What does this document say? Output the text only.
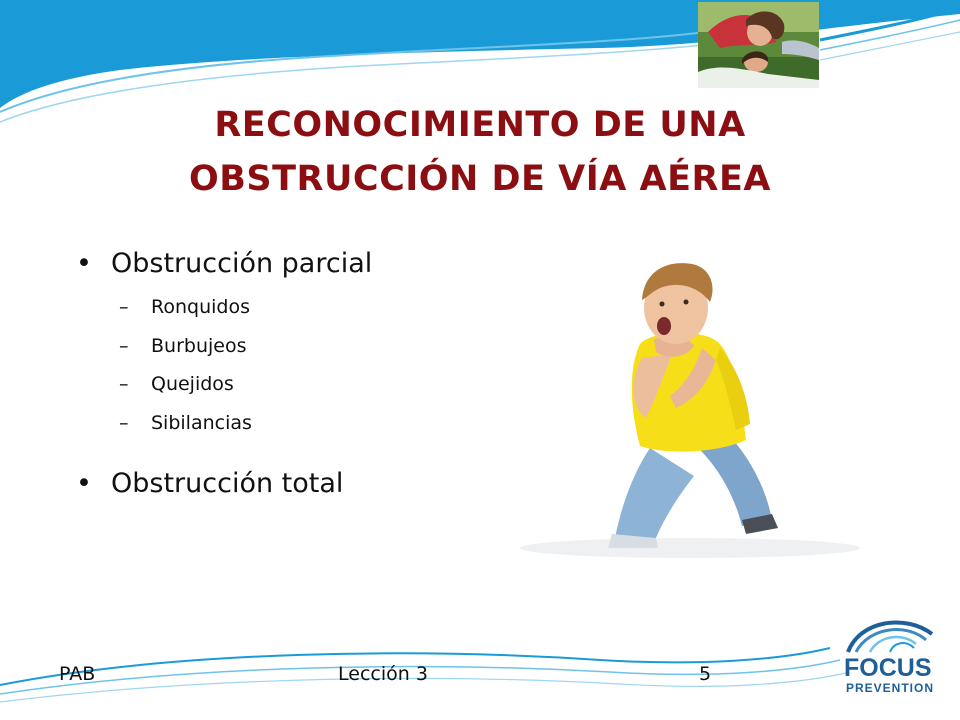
RECONOCIMIENTO DE UNA
OBSTRUCCIÓN DE VÍA AÉREA
• Obstrucción parcial
– Ronquidos
– Burbujeos
– Quejidos
– Sibilancias
• Obstrucción total
PAB	Lección 3	5	FOCUS
PREVENTION
